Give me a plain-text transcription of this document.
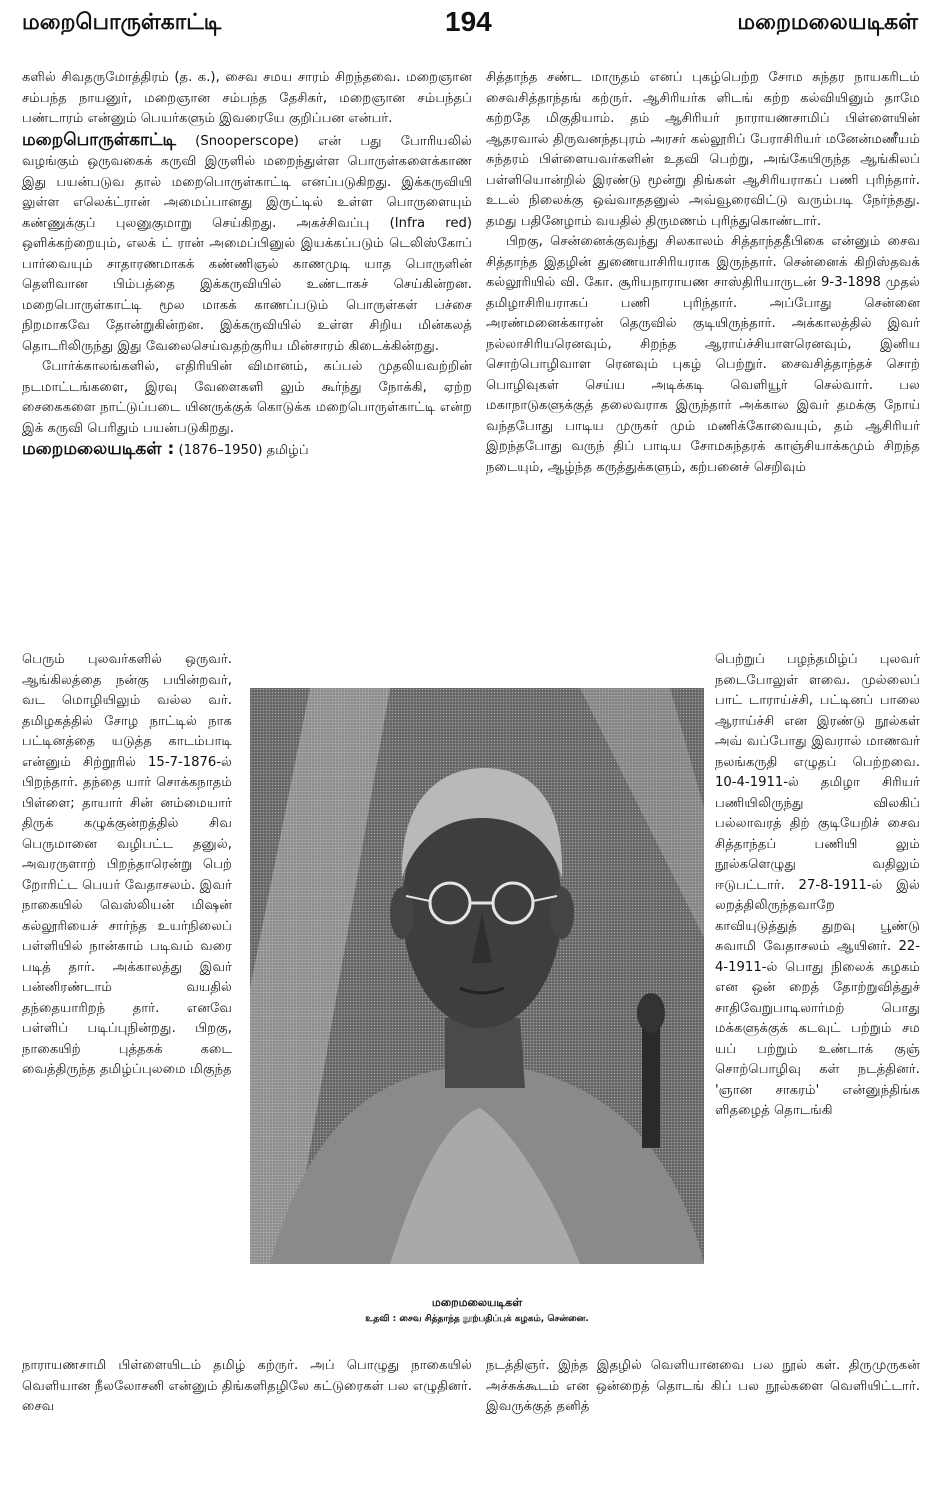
மறைபொருள்காட்டி	194	மறைமலையடிகள்

களில் சிவதருமோத்திரம் (த. க.), சைவ சமய சாரம் சிறந்தவை. மறைஞான சம்பந்த நாயனுர், மறைஞான சம்பந்த தேசிகர், மறைஞான சம்பந்தப் பண்டாரம் என்னும் பெயர்களும் இவரையே குறிப்பன என்பர்.

மறைபொருள்காட்டி (Snooperscope) என் பது போரியலில் வழங்கும் ஒருவகைக் கருவி இருளில் மறைந்துள்ள பொருள்களைக்காண இது பயன்படுவ தால் மறைபொருள்காட்டி எனப்படுகிறது. இக்கருவியி லுள்ள எலெக்ட்ரான் அமைப்பானது இருட்டில் உள்ள பொருளையும் கண்ணுக்குப் புலனுகுமாறு செய்கிறது. அகச்சிவப்பு (Infra red) ஒளிக்கற்றையும், எலக் ட் ரான் அமைப்பினுல் இயக்கப்படும் டெலிஸ்கோப் பார்வையும் சாதாரணமாகக் கண்ணிஞல் காணமுடி யாத பொருளின் தெளிவான பிம்பத்தை இக்கருவியில் உண்டாகச் செய்கின்றன. மறைபொருள்காட்டி மூல மாகக் காணப்படும் பொருள்கள் பச்சை நிறமாகவே தோன்றுகின்றன. இக்கருவியில் உள்ள சிறிய மின்கலத் தொடரிலிருந்து இது வேலைசெய்வதற்குரிய மின்சாரம் கிடைக்கின்றது.

போர்க்காலங்களில், எதிரியின் விமானம், கப்பல் முதலியவற்றின் நடமாட்டங்களை, இரவு வேளைகளி லும் கூர்ந்து நோக்கி, ஏற்ற சைகைகளை நாட்டுப்படை யினருக்குக் கொடுக்க மறைபொருள்காட்டி என்ற இக் கருவி பெரிதும் பயன்படுகிறது.

மறைமலையடிகள் : (1876–1950) தமிழ்ப்

சித்தாந்த சண்ட மாருதம் எனப் புகழ்பெற்ற சோம சுந்தர நாயகரிடம் சைவசித்தாந்தங் கற்ருர். ஆசிரியர்க ளிடங் கற்ற கல்வியினும் தாமே கற்றதே மிகுதியாம். தம் ஆசிரியர் நாராயணசாமிப் பிள்ளையின் ஆதரவால் திருவனந்தபுரம் அரசர் கல்லூரிப் பேராசிரியர் மனேன்மணீயம் சுந்தரம் பிள்ளையவர்களின் உதவி பெற்று, அங்கேயிருந்த ஆங்கிலப் பள்ளியொன்றில் இரண்டு மூன்று திங்கள் ஆசிரியராகப் பணி புரிந்தார். உடல் நிலைக்கு ஒவ்வாததனுல் அவ்வூரைவிட்டு வரும்படி நேர்ந்தது. தமது பதினேழாம் வயதில் திருமணம் புரிந்துகொண்டார்.

பிறகு, சென்னைக்குவந்து சிலகாலம் சித்தாந்ததீபிகை என்னும் சைவ சித்தாந்த இதழின் துணையாசிரியராக இருந்தார். சென்னைக் கிறிஸ்தவக் கல்லூரியில் வி. கோ. சூரியநாராயண சாஸ்திரியாருடன் 9-3-1898 முதல் தமிழாசிரியராகப் பணி புரிந்தார். அப்போது சென்னை அரண்மனைக்காரன் தெருவில் குடியிருந்தார். அக்காலத்தில் இவர் நல்லாசிரியரெனவும், சிறந்த ஆராய்ச்சியாளரெனவும், இனிய சொற்பொழிவாள ரெனவும் புகழ் பெற்றுர். சைவசித்தாந்தச் சொற் பொழிவுகள் செய்ய அடிக்கடி வெளியூர் செல்வார். பல மகாநாடுகளுக்குத் தலைவராக இருந்தார் அக்கால இவர் தமக்கு நோய் வந்தபோது பாடிய முருகர் மும் மணிக்கோவையும், தம் ஆசிரியர் இறந்தபோது வருந் திப் பாடிய சோமசுந்தரக் காஞ்சியாக்கமும் சிறந்த நடையும், ஆழ்ந்த கருத்துக்களும், கற்பனைச் செறிவும்

பெரும் புலவர்களில் ஒருவர். ஆங்கிலத்தை நன்கு பயின்றவர், வட மொழியிலும் வல்ல வர். தமிழகத்தில் சோழ நாட்டில் நாக பட்டினத்தை யடுத்த காடம்பாடி என்னும் சிற்றூரில் 15-7-1876-ல் பிறந்தார். தந்தை யார் சொக்கநாதம் பிள்ளை; தாயார் சின் னம்மையார் திருக் கழுக்குன்றத்தில் சிவ பெருமானை வழிபட்ட தனுல், அவரருளாற் பிறந்தாரென்று பெற் றோரிட்ட பெயர் வேதாசலம். இவர் நாகையில் வெஸ்லியன் மிஷன் கல்லூரியைச் சார்ந்த உயர்நிலைப் பள்ளியில் நான்காம் படிவம் வரை படித் தார். அக்காலத்து இவர் பன்னிரண்டாம் வயதில் தந்தையாரிறந் தார். எனவே பள்ளிப் படிப்புநின்றது. பிறகு, நாகையிற் புத்தகக் கடை வைத்திருந்த தமிழ்ப்புலமை மிகுந்த
பெற்றுப் பழந்தமிழ்ப் புலவர் நடைபோலுள் ளவை. முல்லைப் பாட் டாராய்ச்சி, பட்டினப் பாலை ஆராய்ச்சி என இரண்டு நூல்கள் அவ் வப்போது இவரால் மாணவர் நலங்கருதி எழுதப் பெற்றவை. 10-4-1911-ல் தமிழா சிரியர் பணியிலிருந்து விலகிப் பல்லாவரத் திற் குடியேறிச் சைவ சித்தாந்தப் பணியி லும் நூல்களெழுது வதிலும் ஈடுபட்டார். 27-8-1911-ல் இல் லறத்திலிருந்தவாறே காவியுடுத்துத் துறவு பூண்டு சுவாமி வேதாசலம் ஆயினர். 22-4-1911-ல் பொது நிலைக் கழகம் என ஒன் றைத் தோற்றுவித்துச் சாதிவேறுபாடிலார்மற் பொது மக்களுக்குக் கடவுட் பற்றும் சம யப் பற்றும் உண்டாக் குஞ் சொற்பொழிவு கள் நடத்தினர். 'ஞான சாகரம்' என்னுந்திங்க ளிதழைத் தொடங்கி
மறைமலையடிகள்
உதவி : சைவ சித்தாந்த நூற்பதிப்புக் கழகம், சென்னை.
நாராயணசாமி பிள்ளையிடம் தமிழ் கற்ருர். அப் பொழுது நாகையில் வெளியான நீலலோசனி என்னும் திங்களிதழிலே கட்டுரைகள் பல எழுதினர். சைவ
நடத்திஞர். இந்த இதழில் வெளியானவை பல நூல் கள். திருமுருகன் அச்சுக்கூடம் என ஒன்றைத் தொடங் கிப் பல நூல்களை வெளியிட்டார். இவருக்குத் தனித்
